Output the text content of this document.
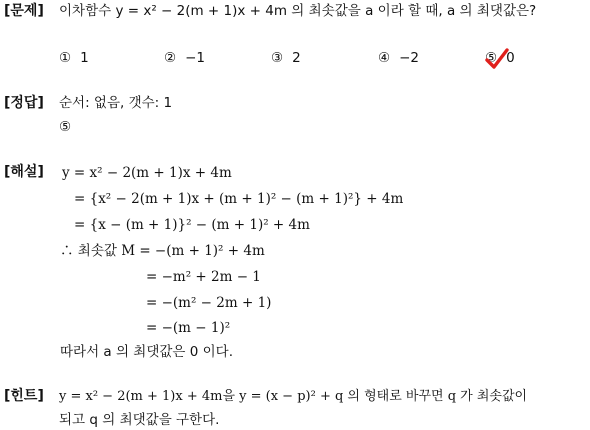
[문제] 이차함수 y = x² − 2(m + 1)x + 4m 의 최솟값을 a 이라 할 때, a 의 최댓값은?
① 1	② −1	③ 2	④ −2	⑤ 0
[정답] 순서: 없음, 갯수: 1
⑤
[해설] y = x² − 2(m + 1)x + 4m
= {x² − 2(m + 1)x + (m + 1)² − (m + 1)²} + 4m
= {x − (m + 1)}² − (m + 1)² + 4m
∴ 최솟값 M = −(m + 1)² + 4m
= −m² + 2m − 1
= −(m² − 2m + 1)
= −(m − 1)²
따라서 a 의 최댓값은 0 이다.
[힌트] y = x² − 2(m + 1)x + 4m을 y = (x − p)² + q 의 형태로 바꾸면 q 가 최솟값이
되고 q 의 최댓값을 구한다.
